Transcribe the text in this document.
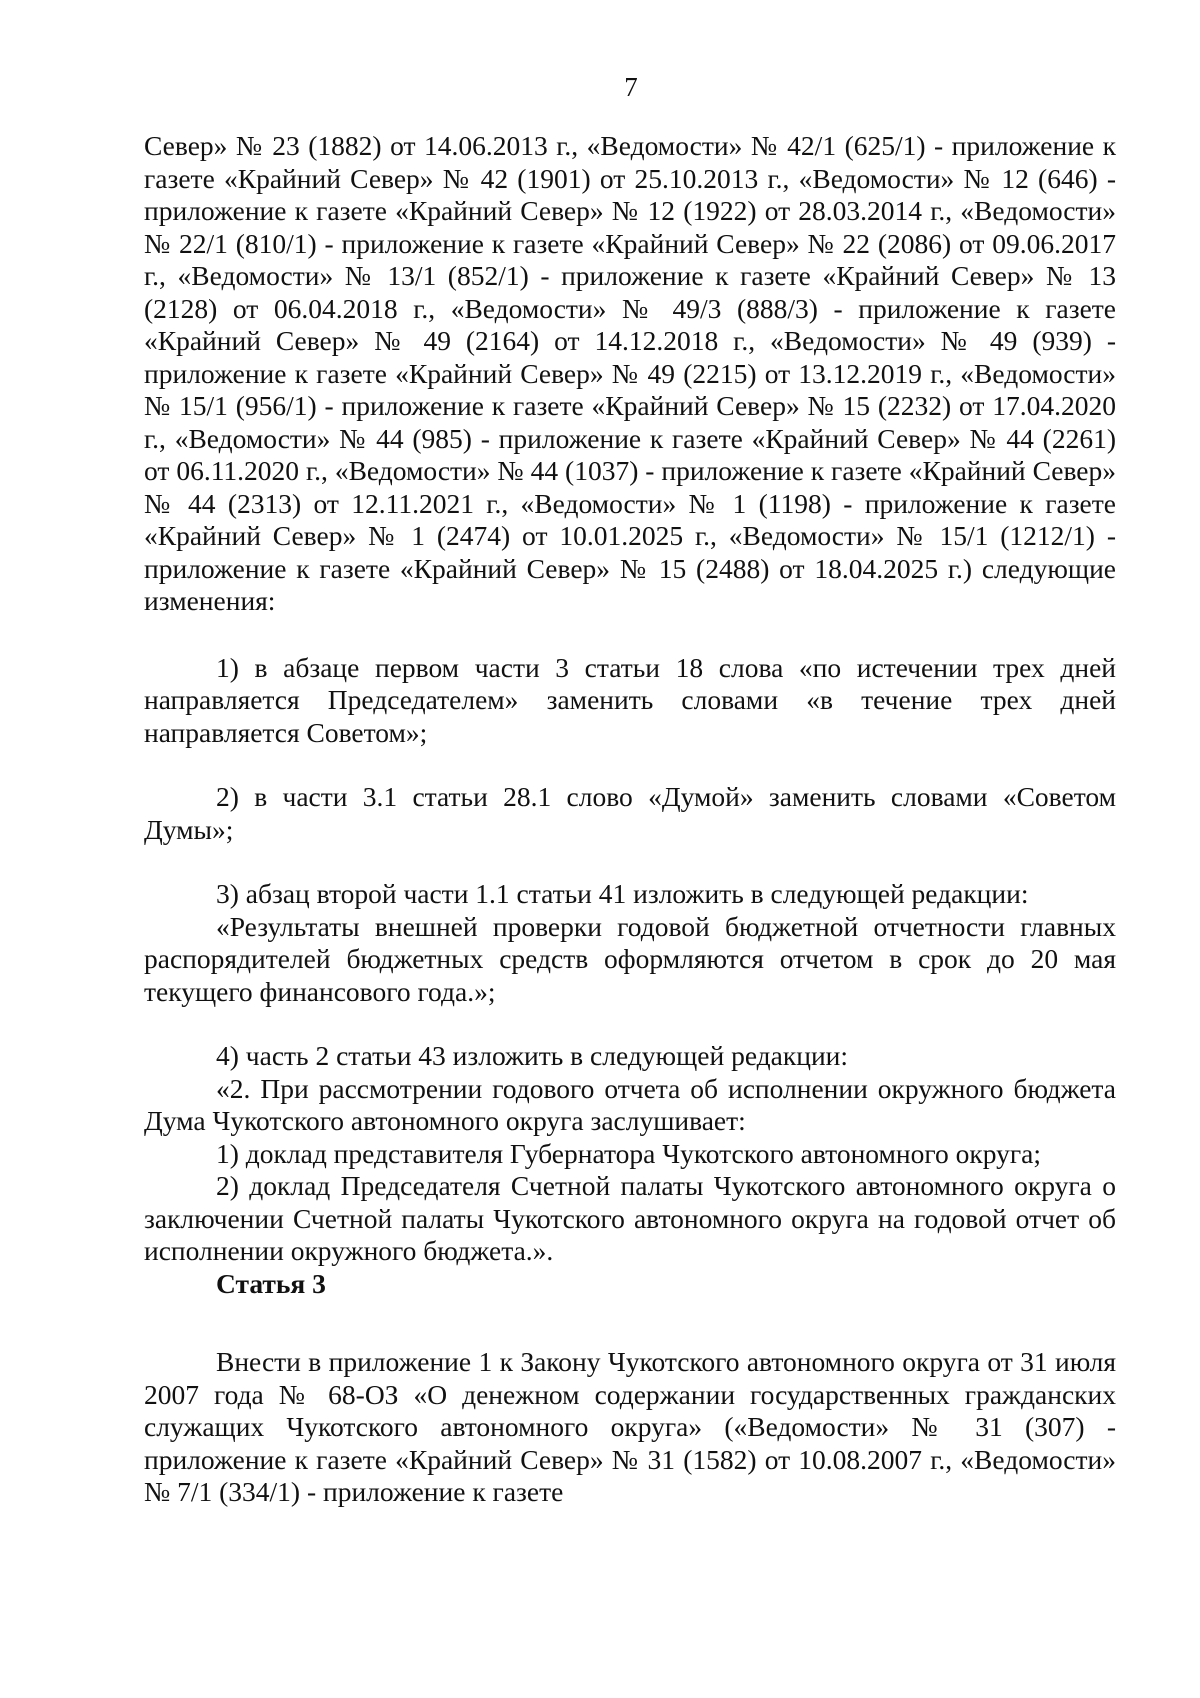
7

Север» № 23 (1882) от 14.06.2013 г., «Ведомости» № 42/1 (625/1) - приложение к газете «Крайний Север» № 42 (1901) от 25.10.2013 г., «Ведомости» № 12 (646) - приложение к газете «Крайний Север» № 12 (1922) от 28.03.2014 г., «Ведомости» № 22/1 (810/1) - приложение к газете «Крайний Север» № 22 (2086) от 09.06.2017 г., «Ведомости» № 13/1 (852/1) - приложение к газете «Крайний Север» № 13 (2128) от 06.04.2018 г., «Ведомости» № 49/3 (888/3) - приложение к газете «Крайний Север» № 49 (2164) от 14.12.2018 г., «Ведомости» № 49 (939) - приложение к газете «Крайний Север» № 49 (2215) от 13.12.2019 г., «Ведомости» № 15/1 (956/1) - приложение к газете «Крайний Север» № 15 (2232) от 17.04.2020 г., «Ведомости» № 44 (985) - приложение к газете «Крайний Север» № 44 (2261) от 06.11.2020 г., «Ведомости» № 44 (1037) - приложение к газете «Крайний Север» № 44 (2313) от 12.11.2021 г., «Ведомости» № 1 (1198) - приложение к газете «Крайний Север» № 1 (2474) от 10.01.2025 г., «Ведомости» № 15/1 (1212/1) - приложение к газете «Крайний Север» № 15 (2488) от 18.04.2025 г.) следующие изменения:

1) в абзаце первом части 3 статьи 18 слова «по истечении трех дней направляется Председателем» заменить словами «в течение трех дней направляется Советом»;

2) в части 3.1 статьи 28.1 слово «Думой» заменить словами «Советом Думы»;

3) абзац второй части 1.1 статьи 41 изложить в следующей редакции:

«Результаты внешней проверки годовой бюджетной отчетности главных распорядителей бюджетных средств оформляются отчетом в срок до 20 мая текущего финансового года.»;

4) часть 2 статьи 43 изложить в следующей редакции:

«2. При рассмотрении годового отчета об исполнении окружного бюджета Дума Чукотского автономного округа заслушивает:

1) доклад представителя Губернатора Чукотского автономного округа;

2) доклад Председателя Счетной палаты Чукотского автономного округа о заключении Счетной палаты Чукотского автономного округа на годовой отчет об исполнении окружного бюджета.».

Статья 3

Внести в приложение 1 к Закону Чукотского автономного округа от 31 июля 2007 года № 68-ОЗ «О денежном содержании государственных гражданских служащих Чукотского автономного округа» («Ведомости» № 31 (307) - приложение к газете «Крайний Север» № 31 (1582) от 10.08.2007 г., «Ведомости» № 7/1 (334/1) - приложение к газете
